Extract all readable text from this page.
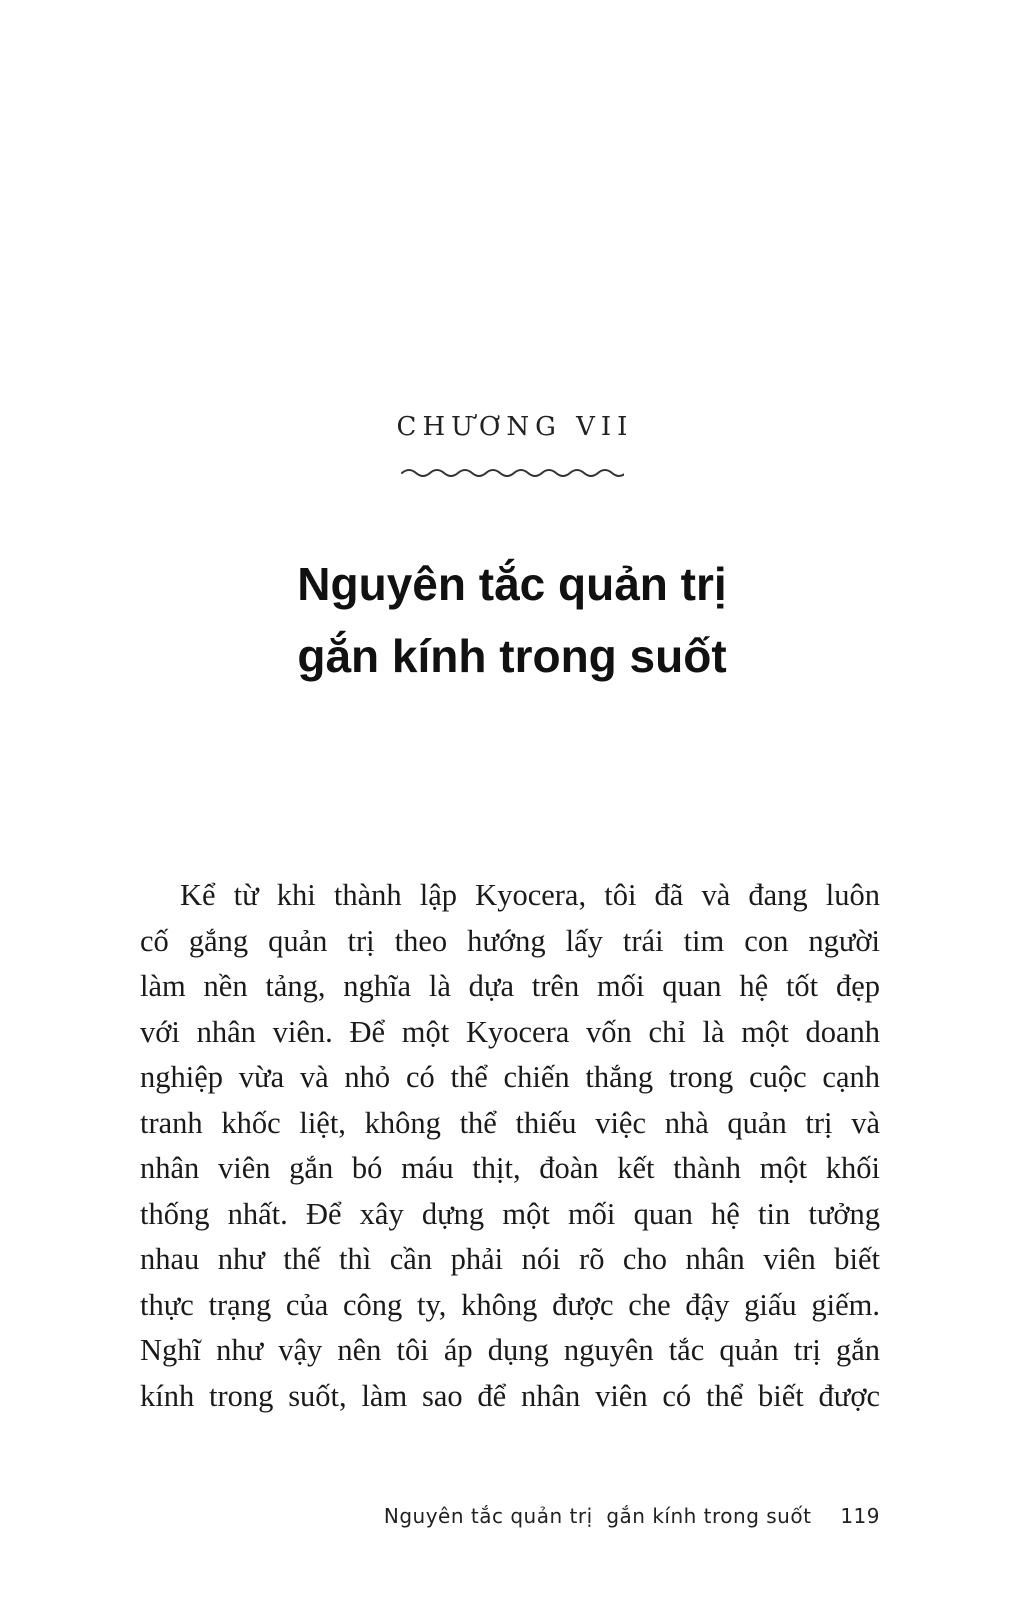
CHƯƠNG VII
Nguyên tắc quản trị
gắn kính trong suốt
Kể từ khi thành lập Kyocera, tôi đã và đang luôn
cố gắng quản trị theo hướng lấy trái tim con người
làm nền tảng, nghĩa là dựa trên mối quan hệ tốt đẹp
với nhân viên. Để một Kyocera vốn chỉ là một doanh
nghiệp vừa và nhỏ có thể chiến thắng trong cuộc cạnh
tranh khốc liệt, không thể thiếu việc nhà quản trị và
nhân viên gắn bó máu thịt, đoàn kết thành một khối
thống nhất. Để xây dựng một mối quan hệ tin tưởng
nhau như thế thì cần phải nói rõ cho nhân viên biết
thực trạng của công ty, không được che đậy giấu giếm.
Nghĩ như vậy nên tôi áp dụng nguyên tắc quản trị gắn
kính trong suốt, làm sao để nhân viên có thể biết được
Nguyên tắc quản trị  gắn kính trong suốt 119
